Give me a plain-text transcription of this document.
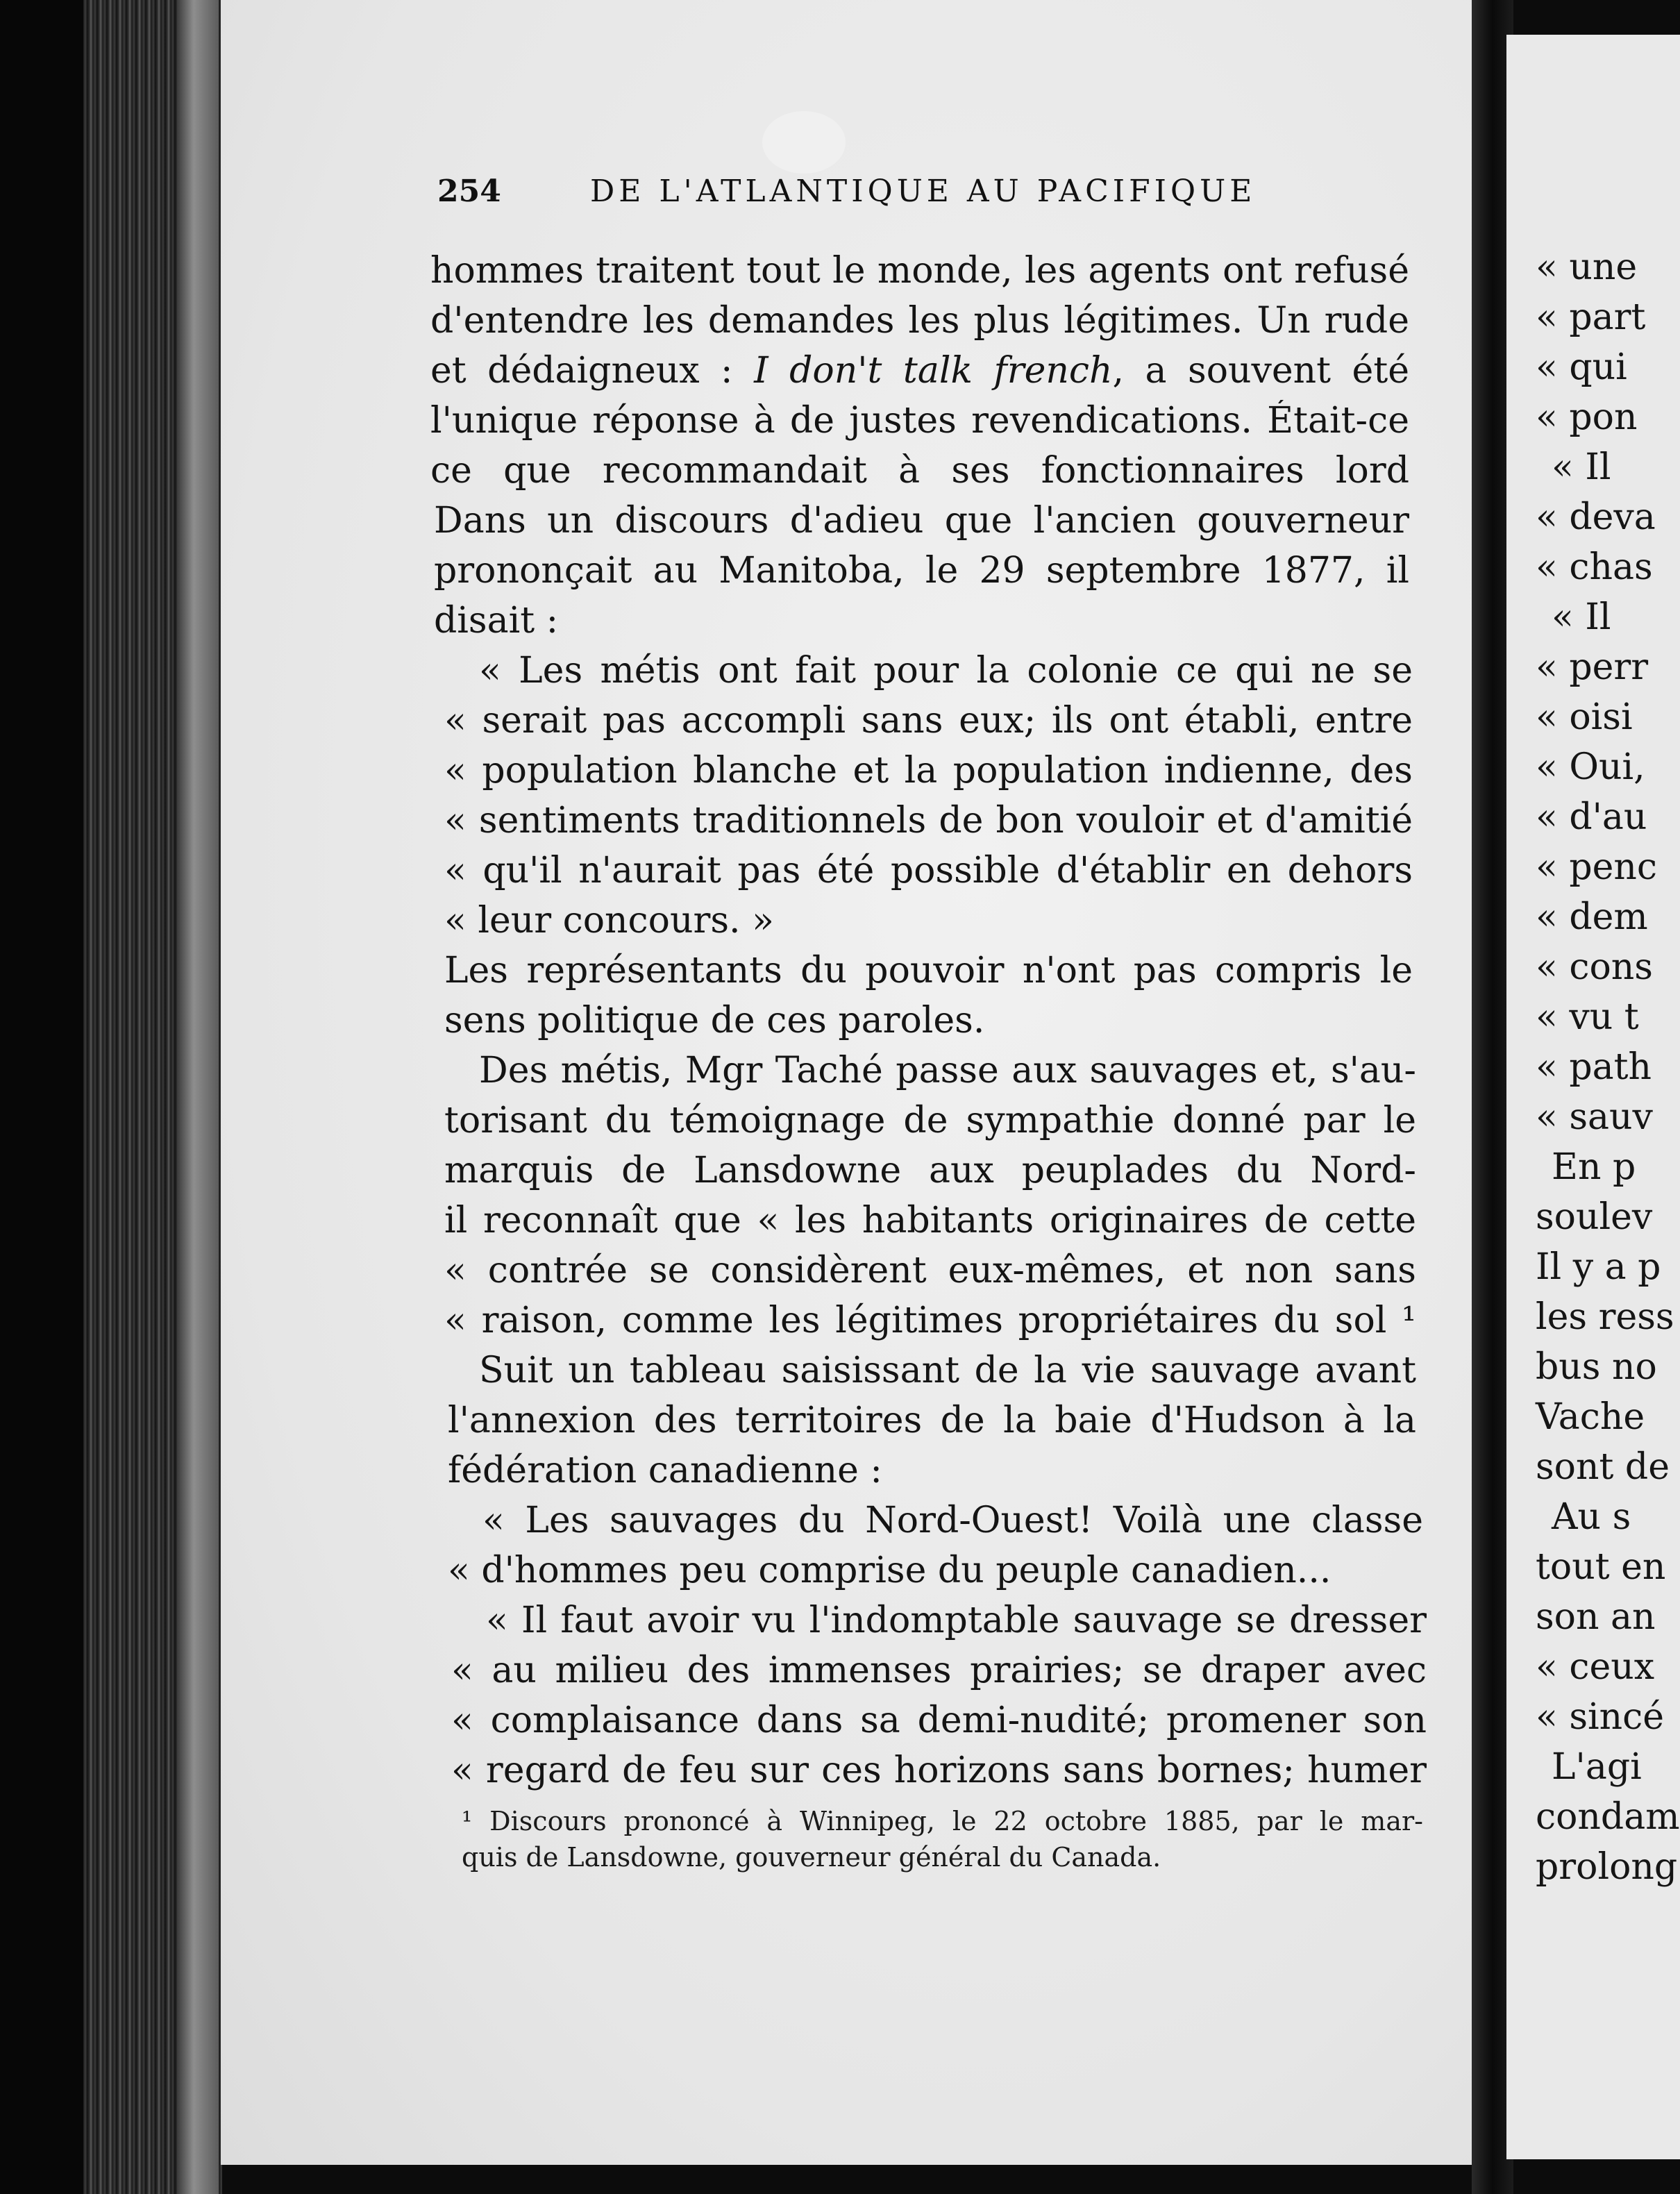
254	DE L'ATLANTIQUE AU PACIFIQUE
hommes traitent tout le monde, les agents ont refusé
d'entendre les demandes les plus légitimes. Un rude
et dédaigneux : I don't talk french, a souvent été
l'unique réponse à de justes revendications. Était-ce
ce que recommandait à ses fonctionnaires lord
Dans un discours d'adieu que l'ancien gouverneur
prononçait au Manitoba, le 29 septembre 1877, il
disait :
« Les métis ont fait pour la colonie ce qui ne se
« serait pas accompli sans eux; ils ont établi, entre
« population blanche et la population indienne, des
« sentiments traditionnels de bon vouloir et d'amitié
« qu'il n'aurait pas été possible d'établir en dehors
« leur concours. »
Les représentants du pouvoir n'ont pas compris le
sens politique de ces paroles.
Des métis, Mgr Taché passe aux sauvages et, s'au-
torisant du témoignage de sympathie donné par le
marquis de Lansdowne aux peuplades du Nord-
il reconnaît que « les habitants originaires de cette
« contrée se considèrent eux-mêmes, et non sans
« raison, comme les légitimes propriétaires du sol ¹
Suit un tableau saisissant de la vie sauvage avant
l'annexion des territoires de la baie d'Hudson à la
fédération canadienne :
« Les sauvages du Nord-Ouest! Voilà une classe
« d'hommes peu comprise du peuple canadien...
« Il faut avoir vu l'indomptable sauvage se dresser
« au milieu des immenses prairies; se draper avec
« complaisance dans sa demi-nudité; promener son
« regard de feu sur ces horizons sans bornes; humer
¹ Discours prononcé à Winnipeg, le 22 octobre 1885, par le mar-
quis de Lansdowne, gouverneur général du Canada.
« une
« part
« qui
« pon
« Il
« deva
« chas
« Il
« perr
« oisi
« Oui,
« d'au
« penc
« dem
« cons
« vu t
« path
« sauv
En p
soulev
Il y a p
les ress
bus no
Vache
sont de
Au s
tout en
son an
« ceux
« sincé
L'agi
condam
prolong
